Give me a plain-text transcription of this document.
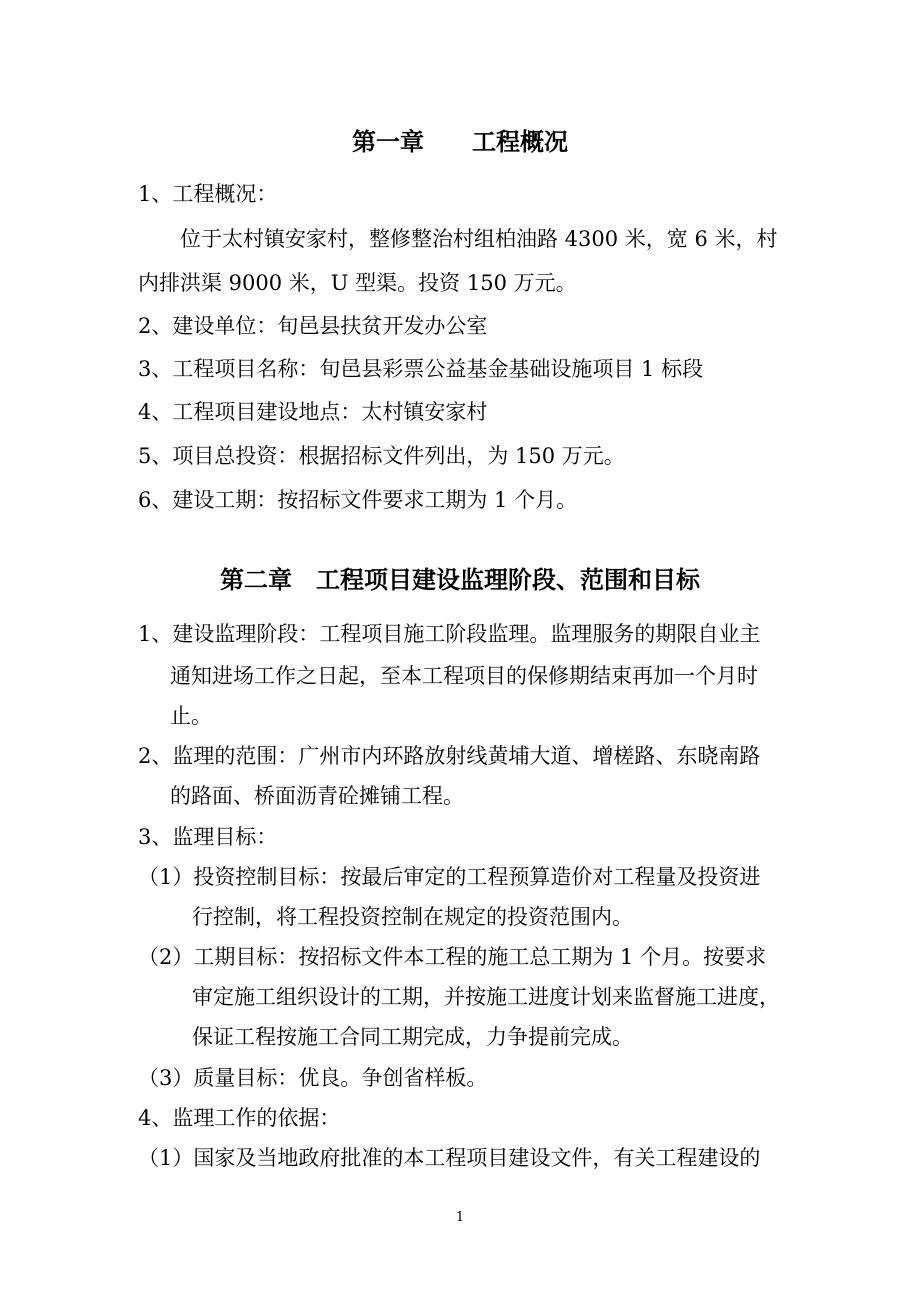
第一章　　工程概况
1、工程概况：
位于太村镇安家村，整修整治村组柏油路 4300 米，宽 6 米，村
内排洪渠 9000 米，U 型渠。投资 150 万元。
2、建设单位：旬邑县扶贫开发办公室
3、工程项目名称：旬邑县彩票公益基金基础设施项目 1 标段
4、工程项目建设地点：太村镇安家村
5、项目总投资：根据招标文件列出，为 150 万元。
6、建设工期：按招标文件要求工期为 1 个月。
第二章　工程项目建设监理阶段、范围和目标
1、建设监理阶段：工程项目施工阶段监理。监理服务的期限自业主
通知进场工作之日起，至本工程项目的保修期结束再加一个月时
止。
2、监理的范围：广州市内环路放射线黄埔大道、增槎路、东晓南路
的路面、桥面沥青砼摊铺工程。
3、监理目标：
（1）投资控制目标：按最后审定的工程预算造价对工程量及投资进
行控制，将工程投资控制在规定的投资范围内。
（2）工期目标：按招标文件本工程的施工总工期为 1 个月。按要求
审定施工组织设计的工期，并按施工进度计划来监督施工进度，
保证工程按施工合同工期完成，力争提前完成。
（3）质量目标：优良。争创省样板。
4、监理工作的依据：
（1）国家及当地政府批准的本工程项目建设文件，有关工程建设的
1
